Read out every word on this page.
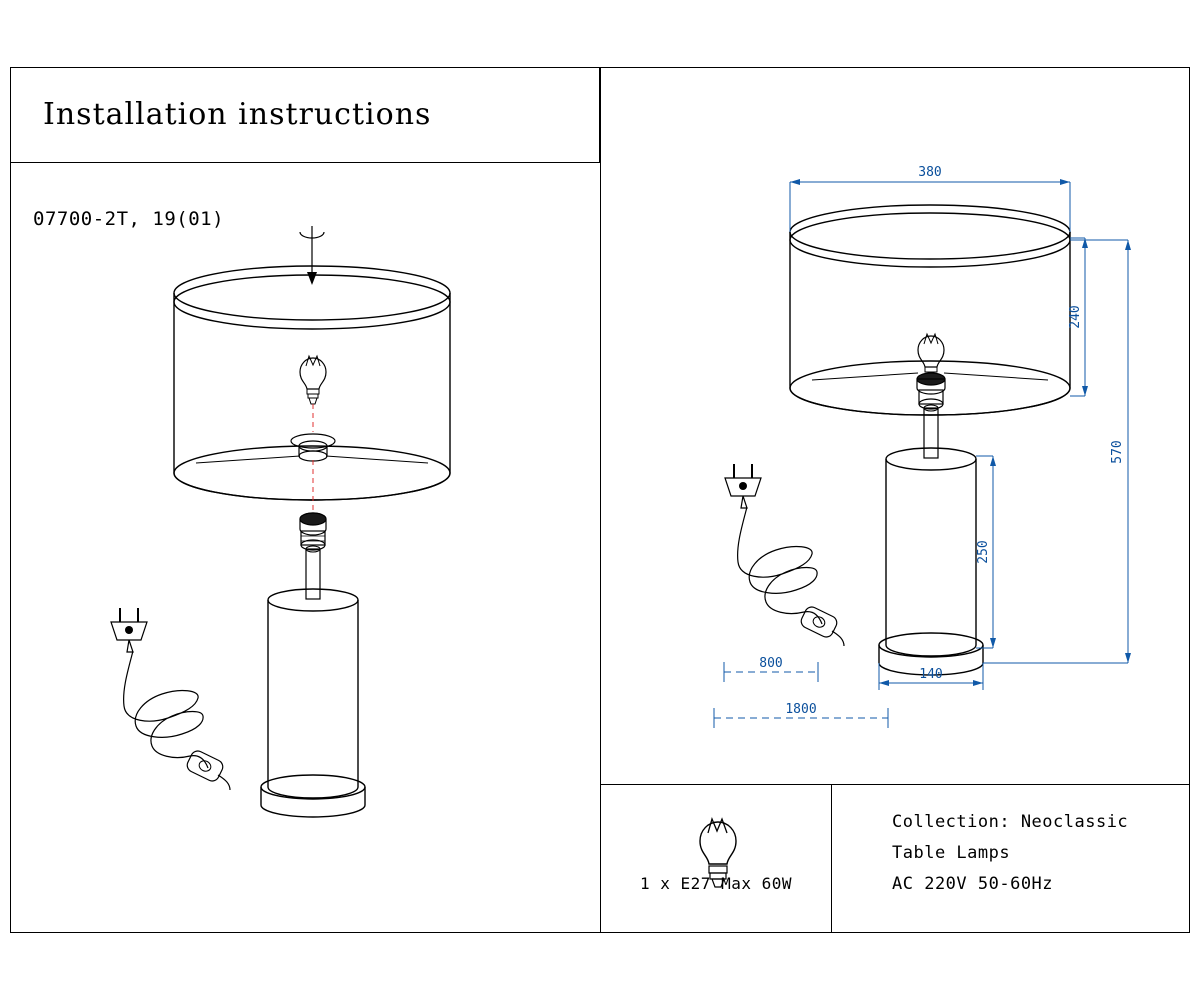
Installation instructions
07700-2T, 19(01)
380
240
570
250
140
800
1800
1 x E27 Max 60W
Collection: Neoclassic
Table Lamps
AC 220V 50-60Hz
